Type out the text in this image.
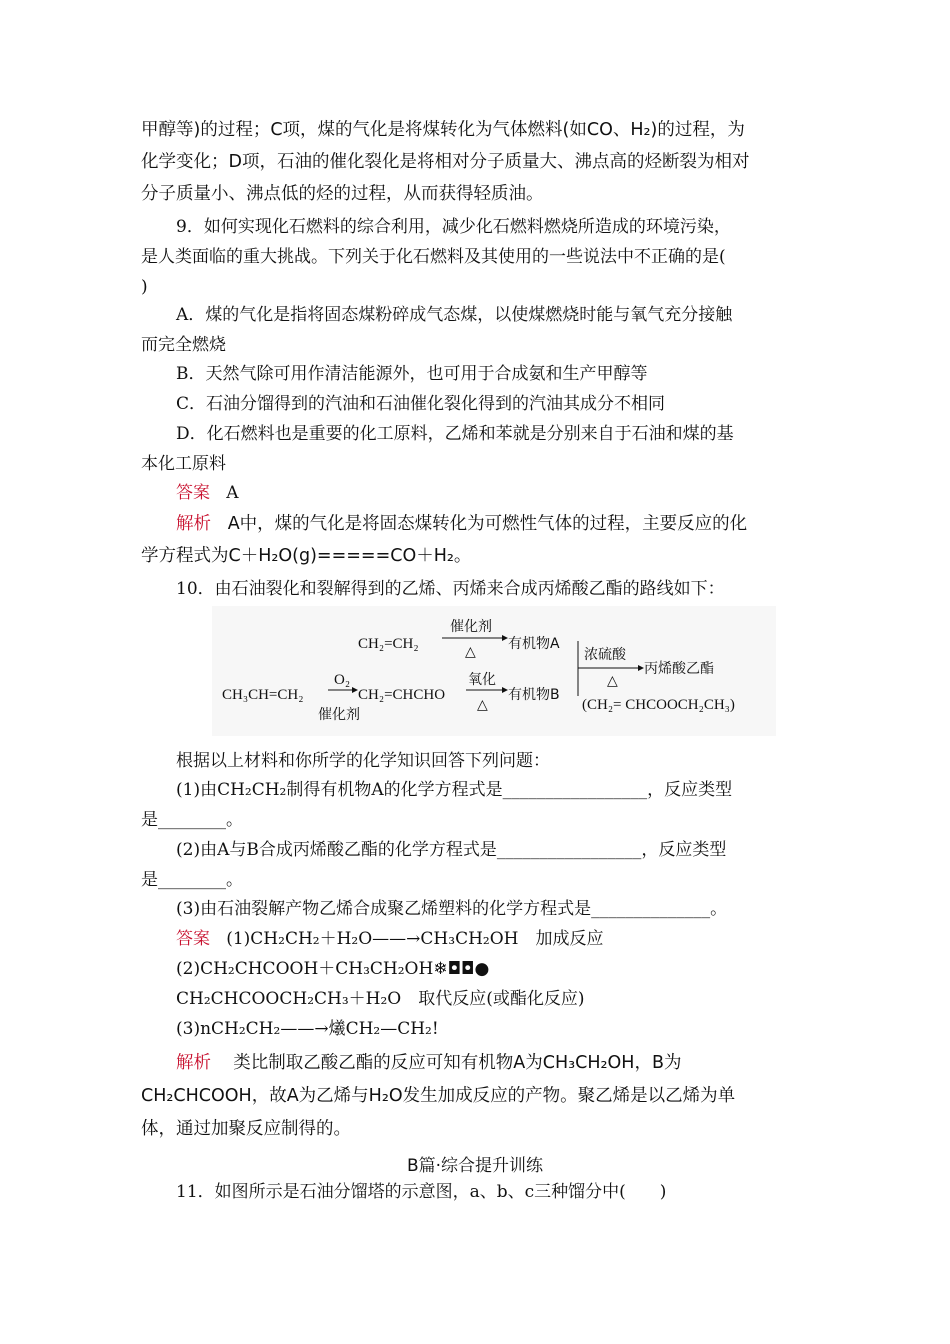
甲醇等)的过程；C项，煤的气化是将煤转化为气体燃料(如CO、H₂)的过程，为
化学变化；D项，石油的催化裂化是将相对分子质量大、沸点高的烃断裂为相对
分子质量小、沸点低的烃的过程，从而获得轻质油。
9．如何实现化石燃料的综合利用，减少化石燃料燃烧所造成的环境污染，
是人类面临的重大挑战。下列关于化石燃料及其使用的一些说法中不正确的是(
)
A．煤的气化是指将固态煤粉碎成气态煤，以使煤燃烧时能与氧气充分接触
而完全燃烧
B．天然气除可用作清洁能源外，也可用于合成氨和生产甲醇等
C．石油分馏得到的汽油和石油催化裂化得到的汽油其成分不相同
D．化石燃料也是重要的化工原料，乙烯和苯就是分别来自于石油和煤的基
本化工原料
答案 A
解析 A中，煤的气化是将固态煤转化为可燃性气体的过程，主要反应的化
学方程式为C＋H₂O(g)=====CO＋H₂。
10．由石油裂化和裂解得到的乙烯、丙烯来合成丙烯酸乙酯的路线如下：
CH₂=CH₂
催化剂
△ 有机物A
浓硫酸
△
丙烯酸乙酯
CH₃CH=CH₂
O₂
催化剂
CH₂=CHCHO
氧化
△
有机物B
(CH₂= CHCOOCH₂CH₃)
根据以上材料和你所学的化学知识回答下列问题：
(1)由CH₂CH₂制得有机物A的化学方程式是_________________，反应类型
是________。
(2)由A与B合成丙烯酸乙酯的化学方程式是_________________，反应类型
是________。
(3)由石油裂解产物乙烯合成聚乙烯塑料的化学方程式是______________。
答案 (1)CH₂CH₂＋H₂O——→CH₃CH₂OH　加成反应
(2)CH₂CHCOOH＋CH₃CH₂OH❄◘◘●
CH₂CHCOOCH₂CH₃＋H₂O　取代反应(或酯化反应)
(3)nCH₂CH₂——→爔CH₂—CH₂!
解析 类比制取乙酸乙酯的反应可知有机物A为CH₃CH₂OH，B为
CH₂CHCOOH，故A为乙烯与H₂O发生加成反应的产物。聚乙烯是以乙烯为单
体，通过加聚反应制得的。
B篇·综合提升训练
11．如图所示是石油分馏塔的示意图，a、b、c三种馏分中(　　)
